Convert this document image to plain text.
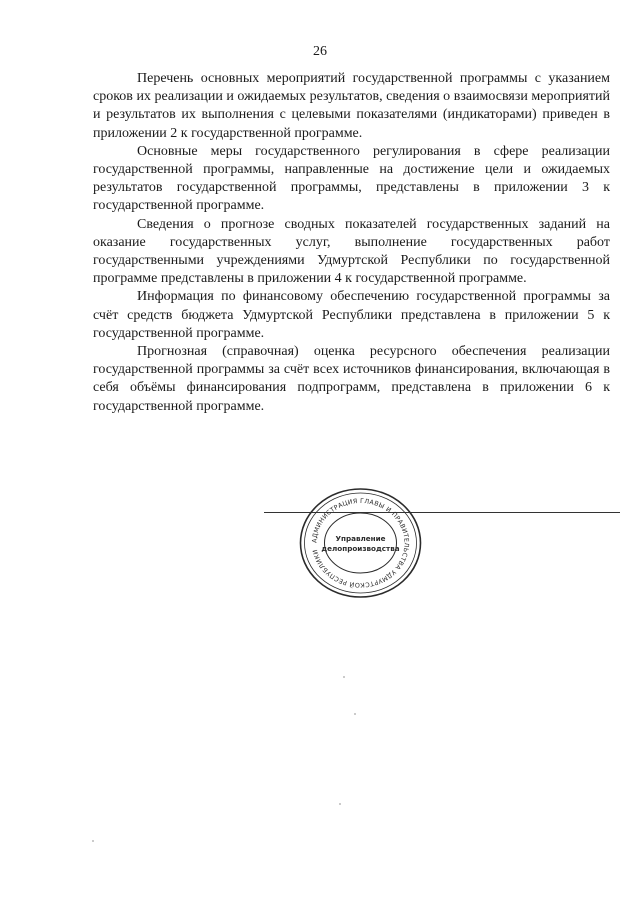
26

Перечень основных мероприятий государственной программы с указанием сроков их реализации и ожидаемых результатов, сведения о взаимосвязи мероприятий и результатов их выполнения с целевыми показателями (индикаторами) приведен в приложении 2 к государственной программе.

Основные меры государственного регулирования в сфере реализации государственной программы, направленные на достижение цели и ожидаемых результатов государственной программы, представлены в приложении 3 к государственной программе.

Сведения о прогнозе сводных показателей государственных заданий на оказание государственных услуг, выполнение государственных работ государственными учреждениями Удмуртской Республики по государственной программе представлены в приложении 4 к государственной программе.

Информация по финансовому обеспечению государственной программы за счёт средств бюджета Удмуртской Республики представлена в приложении 5 к государственной программе.

Прогнозная (справочная) оценка ресурсного обеспечения реализации государственной программы за счёт всех источников финансирования, включающая в себя объёмы финансирования подпрограмм, представлена в приложении 6 к государственной программе.

АДМИНИСТРАЦИЯ ГЛАВЫ И ПРАВИТЕЛЬСТВА УДМУРТСКОЙ РЕСПУБЛИКИ
Управление
делопроизводства
